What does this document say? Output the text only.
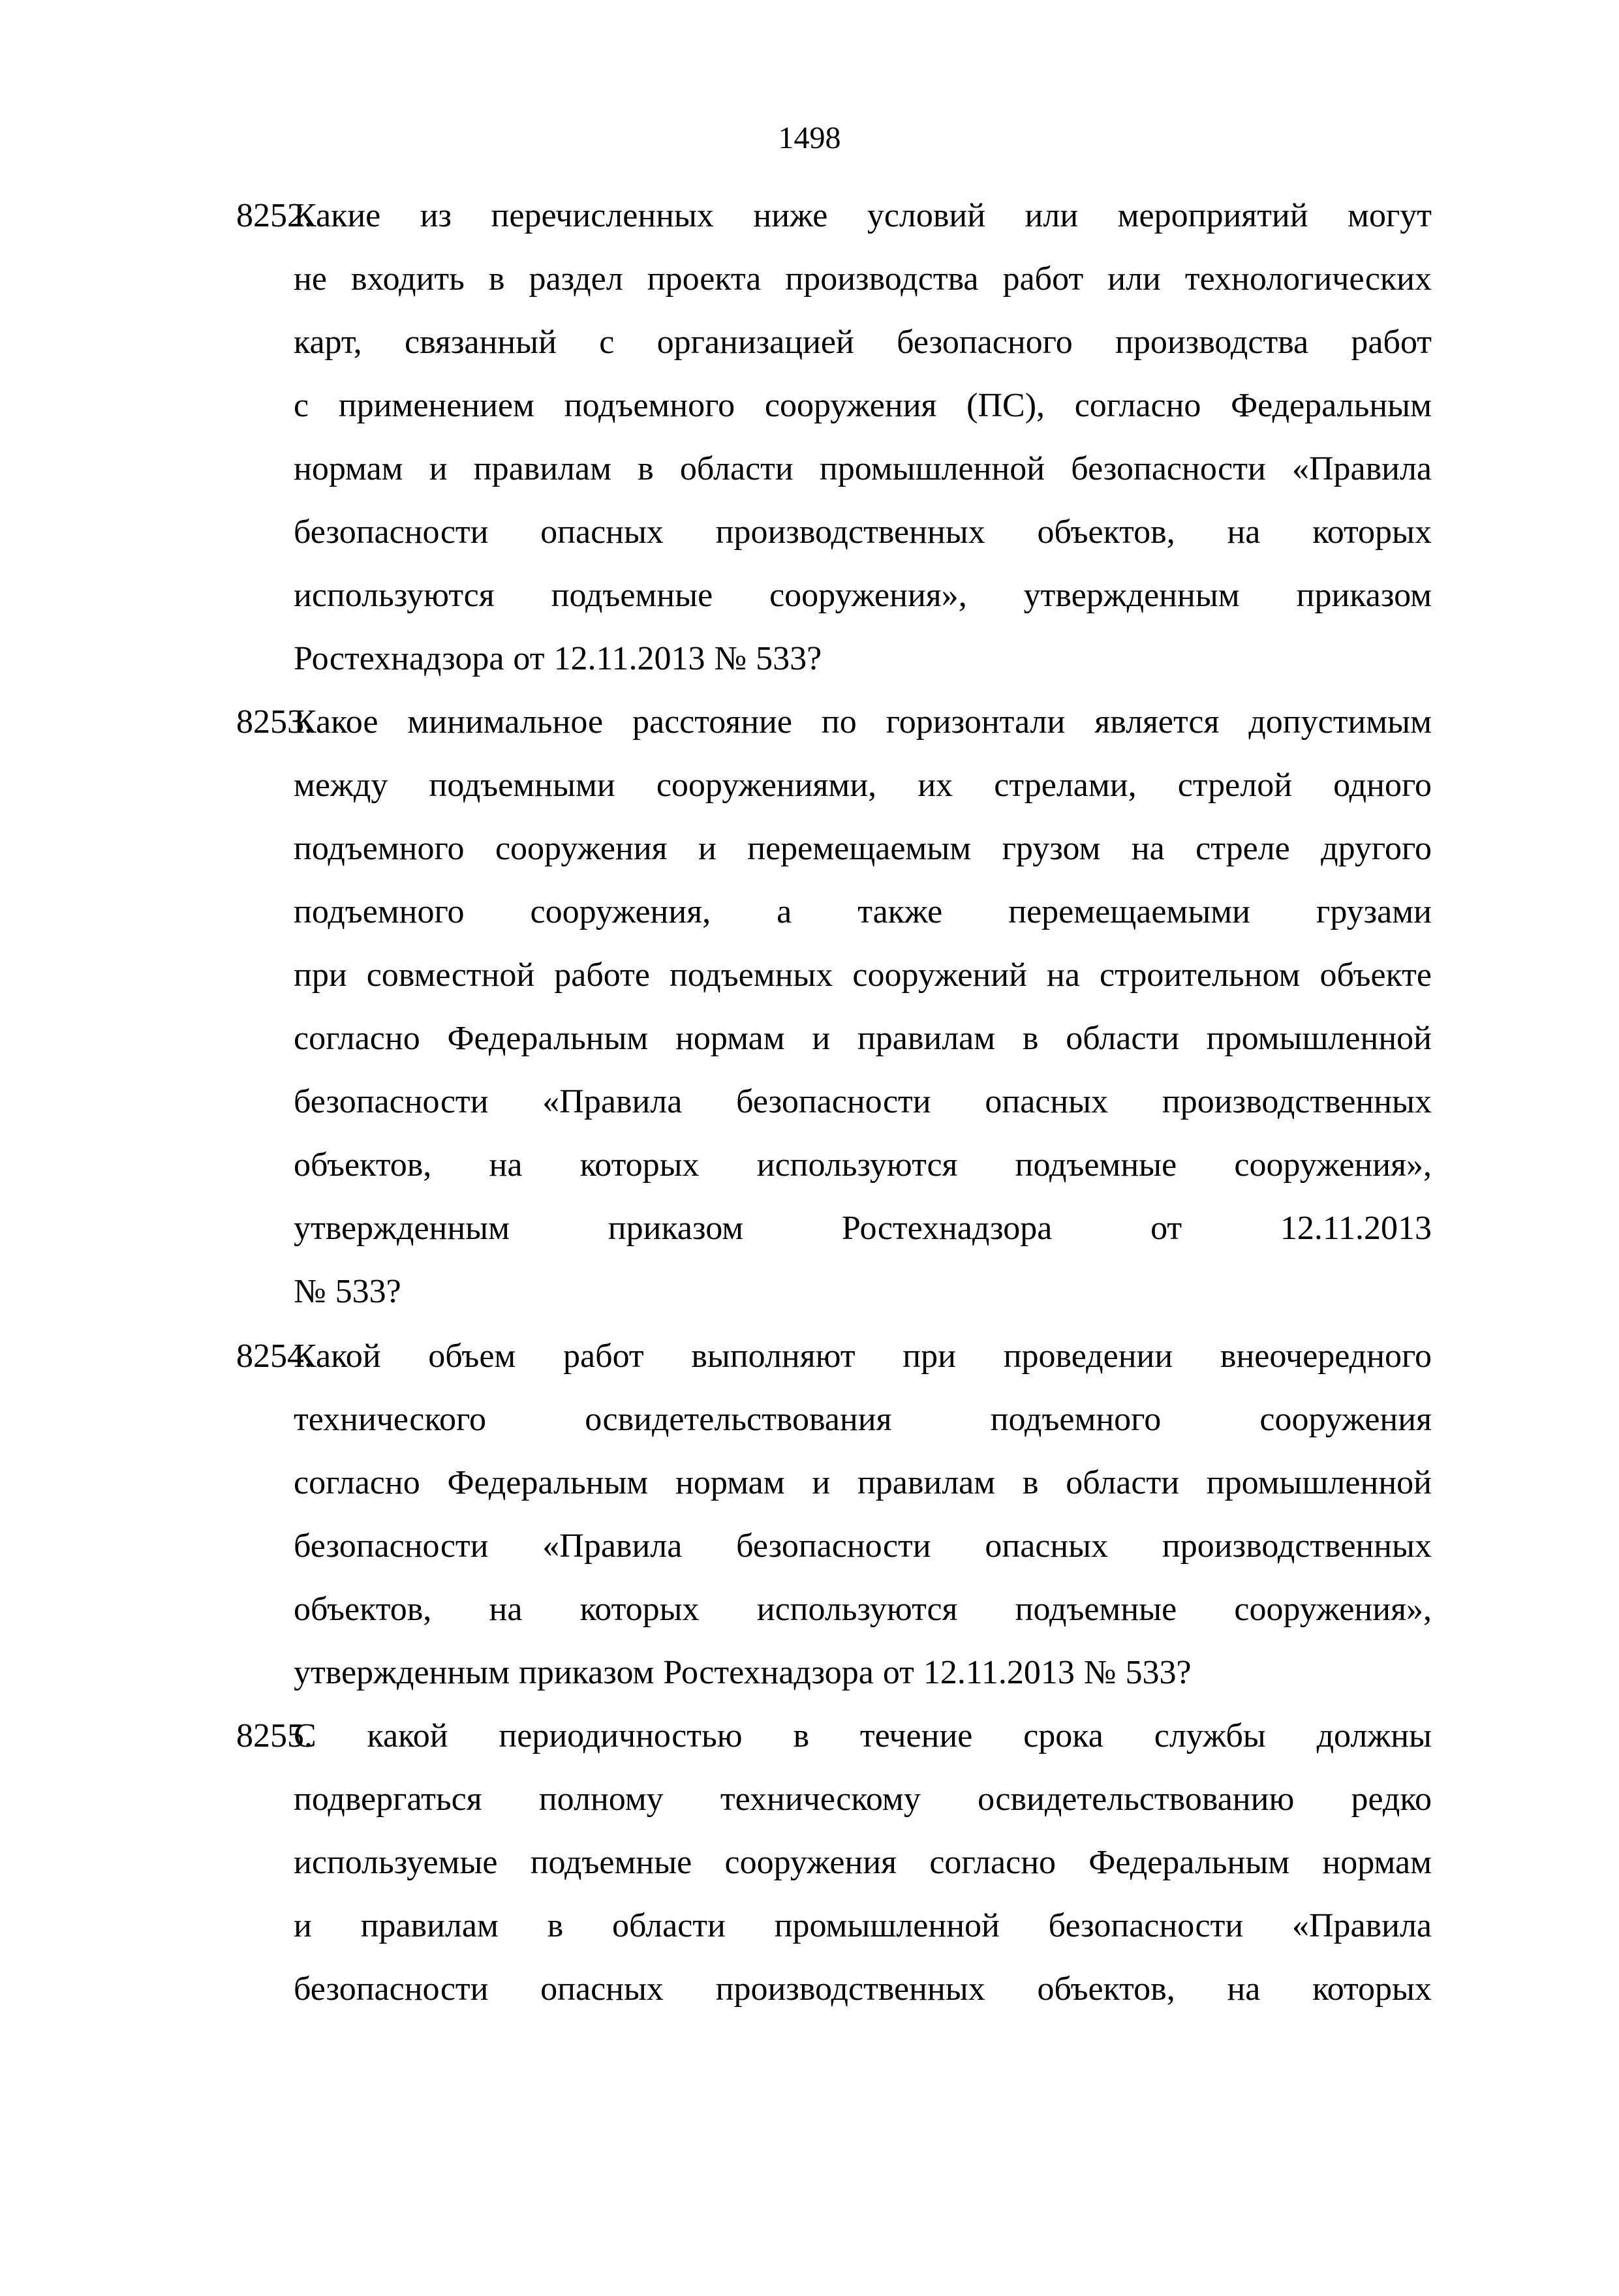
1498
8252.
Какие из перечисленных ниже условий или мероприятий могут
не входить в раздел проекта производства работ или технологических
карт, связанный с организацией безопасного производства работ
с применением подъемного сооружения (ПС), согласно Федеральным
нормам и правилам в области промышленной безопасности «Правила
безопасности опасных производственных объектов, на которых
используются подъемные сооружения», утвержденным приказом
Ростехнадзора от 12.11.2013 № 533?
8253.
Какое минимальное расстояние по горизонтали является допустимым
между подъемными сооружениями, их стрелами, стрелой одного
подъемного сооружения и перемещаемым грузом на стреле другого
подъемного сооружения, а также перемещаемыми грузами
при совместной работе подъемных сооружений на строительном объекте
согласно Федеральным нормам и правилам в области промышленной
безопасности «Правила безопасности опасных производственных
объектов, на которых используются подъемные сооружения»,
утвержденным приказом Ростехнадзора от 12.11.2013
№ 533?
8254.
Какой объем работ выполняют при проведении внеочередного
технического освидетельствования подъемного сооружения
согласно Федеральным нормам и правилам в области промышленной
безопасности «Правила безопасности опасных производственных
объектов, на которых используются подъемные сооружения»,
утвержденным приказом Ростехнадзора от 12.11.2013 № 533?
8255.
С какой периодичностью в течение срока службы должны
подвергаться полному техническому освидетельствованию редко
используемые подъемные сооружения согласно Федеральным нормам
и правилам в области промышленной безопасности «Правила
безопасности опасных производственных объектов, на которых
